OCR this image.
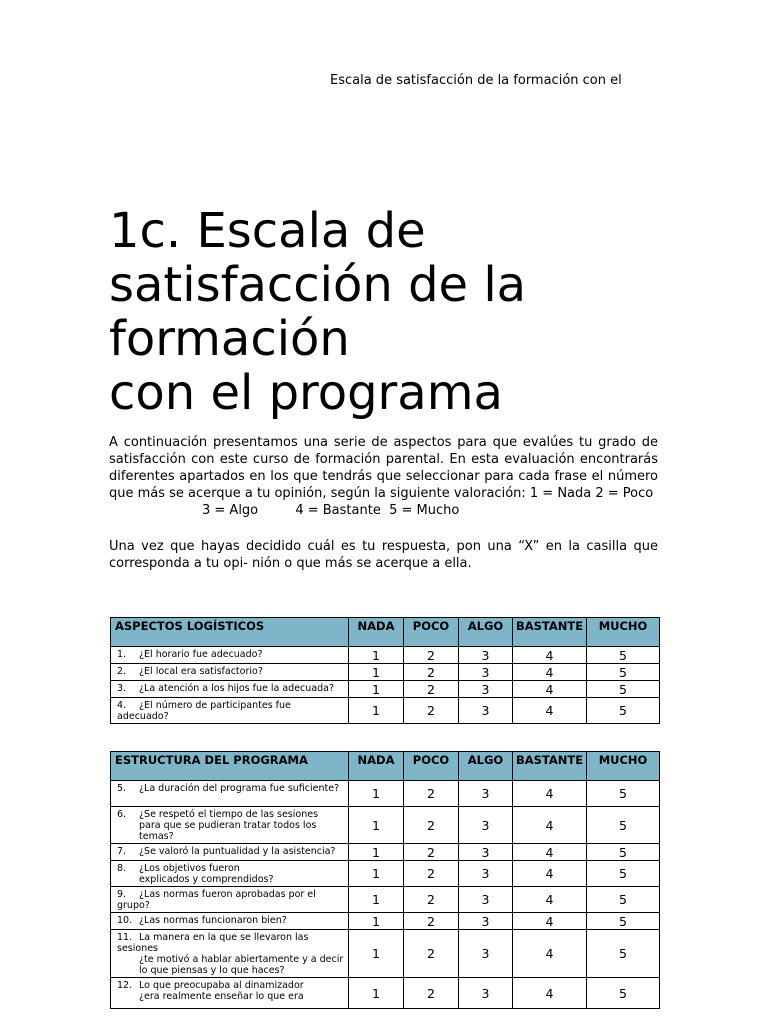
Escala de satisfacción de la formación con el
1c. Escala de
satisfacción de la
formación
con el programa

A continuación presentamos una serie de aspectos para que evalúes tu grado de satisfacción con este curso de formación parental. En esta evaluación encontrarás diferentes apartados en los que tendrás que seleccionar para cada frase el número que más se acerque a tu opinión, según la siguiente valoración: 1 = Nada 2 = Poco
3 = Algo         4 = Bastante  5 = Mucho

Una vez que hayas decidido cuál es tu respuesta, pon una “X” en la casilla que corresponda a tu opi- nión o que más se acerque a ella.

ASPECTOS LOGÍSTICOS	NADA	POCO	ALGO	BASTANTE	MUCHO
1. ¿El horario fue adecuado?	1	2	3	4	5
2. ¿El local era satisfactorio?	1	2	3	4	5
3. ¿La atención a los hijos fue la adecuada?	1	2	3	4	5
4. ¿El número de participantes fue adecuado?	1	2	3	4	5
ESTRUCTURA DEL PROGRAMA	NADA	POCO	ALGO	BASTANTE	MUCHO
5. ¿La duración del programa fue suficiente?	1	2	3	4	5
6. ¿Se respetó el tiempo de las sesiones
para que se pudieran tratar todos los temas?	1	2	3	4	5
7. ¿Se valoró la puntualidad y la asistencia?	1	2	3	4	5
8. ¿Los objetivos fueron
explicados y comprendidos?	1	2	3	4	5
9. ¿Las normas fueron aprobadas por el grupo?	1	2	3	4	5
10. ¿Las normas funcionaron bien?	1	2	3	4	5
11. La manera en la que se llevaron las sesiones
¿te motivó a hablar abiertamente y a decir lo que piensas y lo que haces?	1	2	3	4	5
12. Lo que preocupaba al dinamizador
¿era realmente enseñar lo que era	1	2	3	4	5
